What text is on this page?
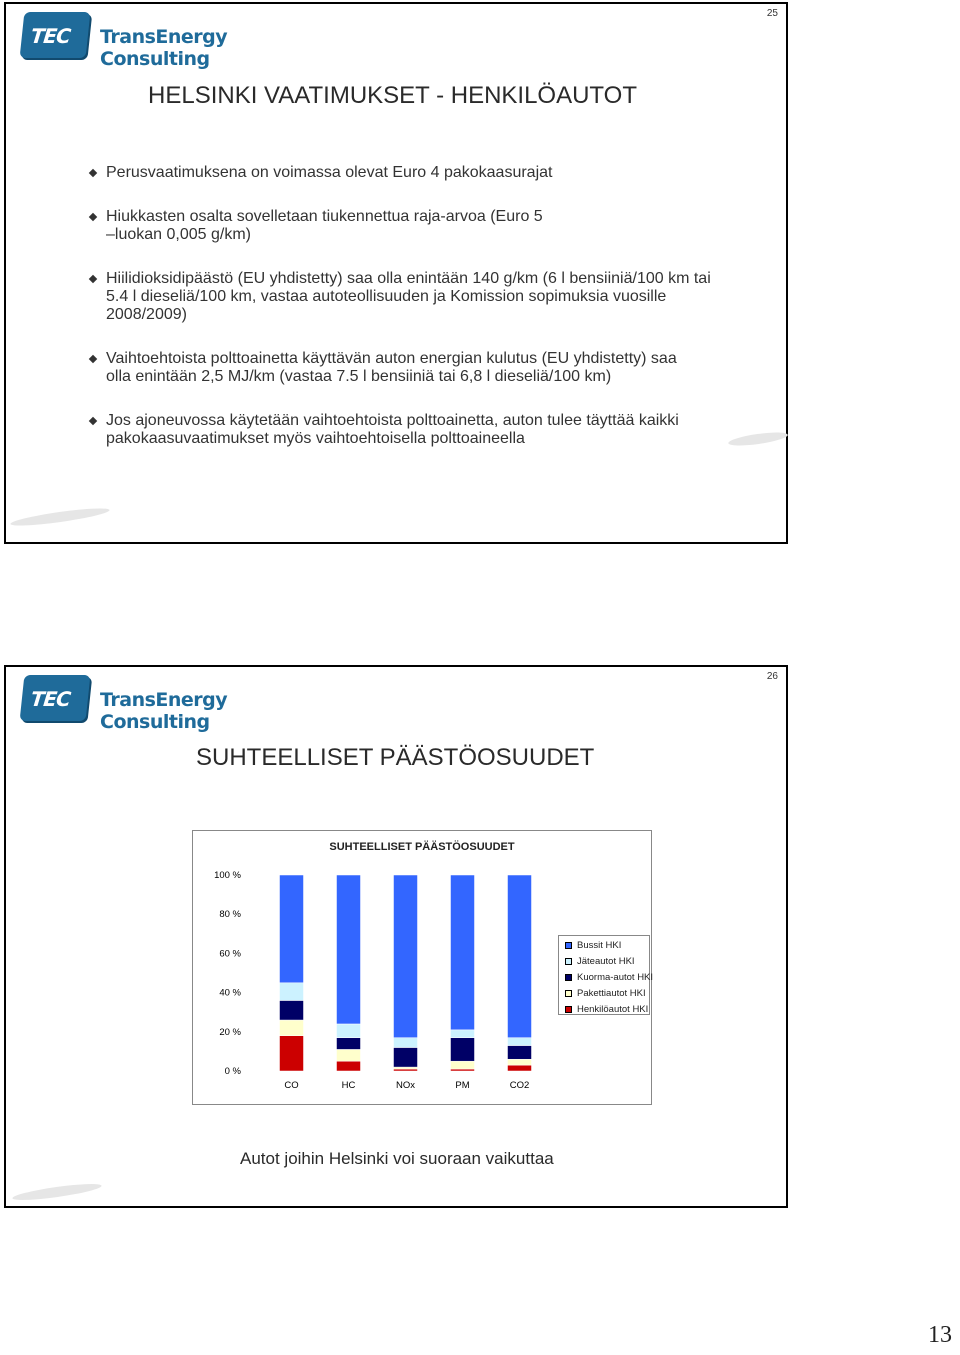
25
TEC TransEnergy Consulting
HELSINKI VAATIMUKSET - HENKILÖAUTOT
Perusvaatimuksena on voimassa olevat Euro 4 pakokaasurajat
Hiukkasten osalta sovelletaan tiukennettua raja-arvoa (Euro 5 –luokan 0,005 g/km)
Hiilidioksidipäästö (EU yhdistetty) saa olla enintään 140 g/km (6 l bensiiniä/100 km tai 5.4 l dieseliä/100 km, vastaa autoteollisuuden ja Komission sopimuksia vuosille 2008/2009)
Vaihtoehtoista polttoainetta käyttävän auton energian kulutus (EU yhdistetty) saa olla enintään 2,5 MJ/km (vastaa 7.5 l bensiiniä tai 6,8 l dieseliä/100 km)
Jos ajoneuvossa käytetään vaihtoehtoista polttoainetta, auton tulee täyttää kaikki pakokaasuvaatimukset myös vaihtoehtoisella polttoaineella
26
TEC TransEnergy Consulting
SUHTEELLISET PÄÄSTÖOSUUDET
SUHTEELLISET PÄÄSTÖOSUUDET
0 %
20 %
40 %
60 %
80 %
100 %
CO	HC	NOx	PM	CO2
Bussit HKI
Jäteautot HKI
Kuorma-autot HKI
Pakettiautot HKI
Henkilöautot HKI
Autot joihin Helsinki voi suoraan vaikuttaa
13
